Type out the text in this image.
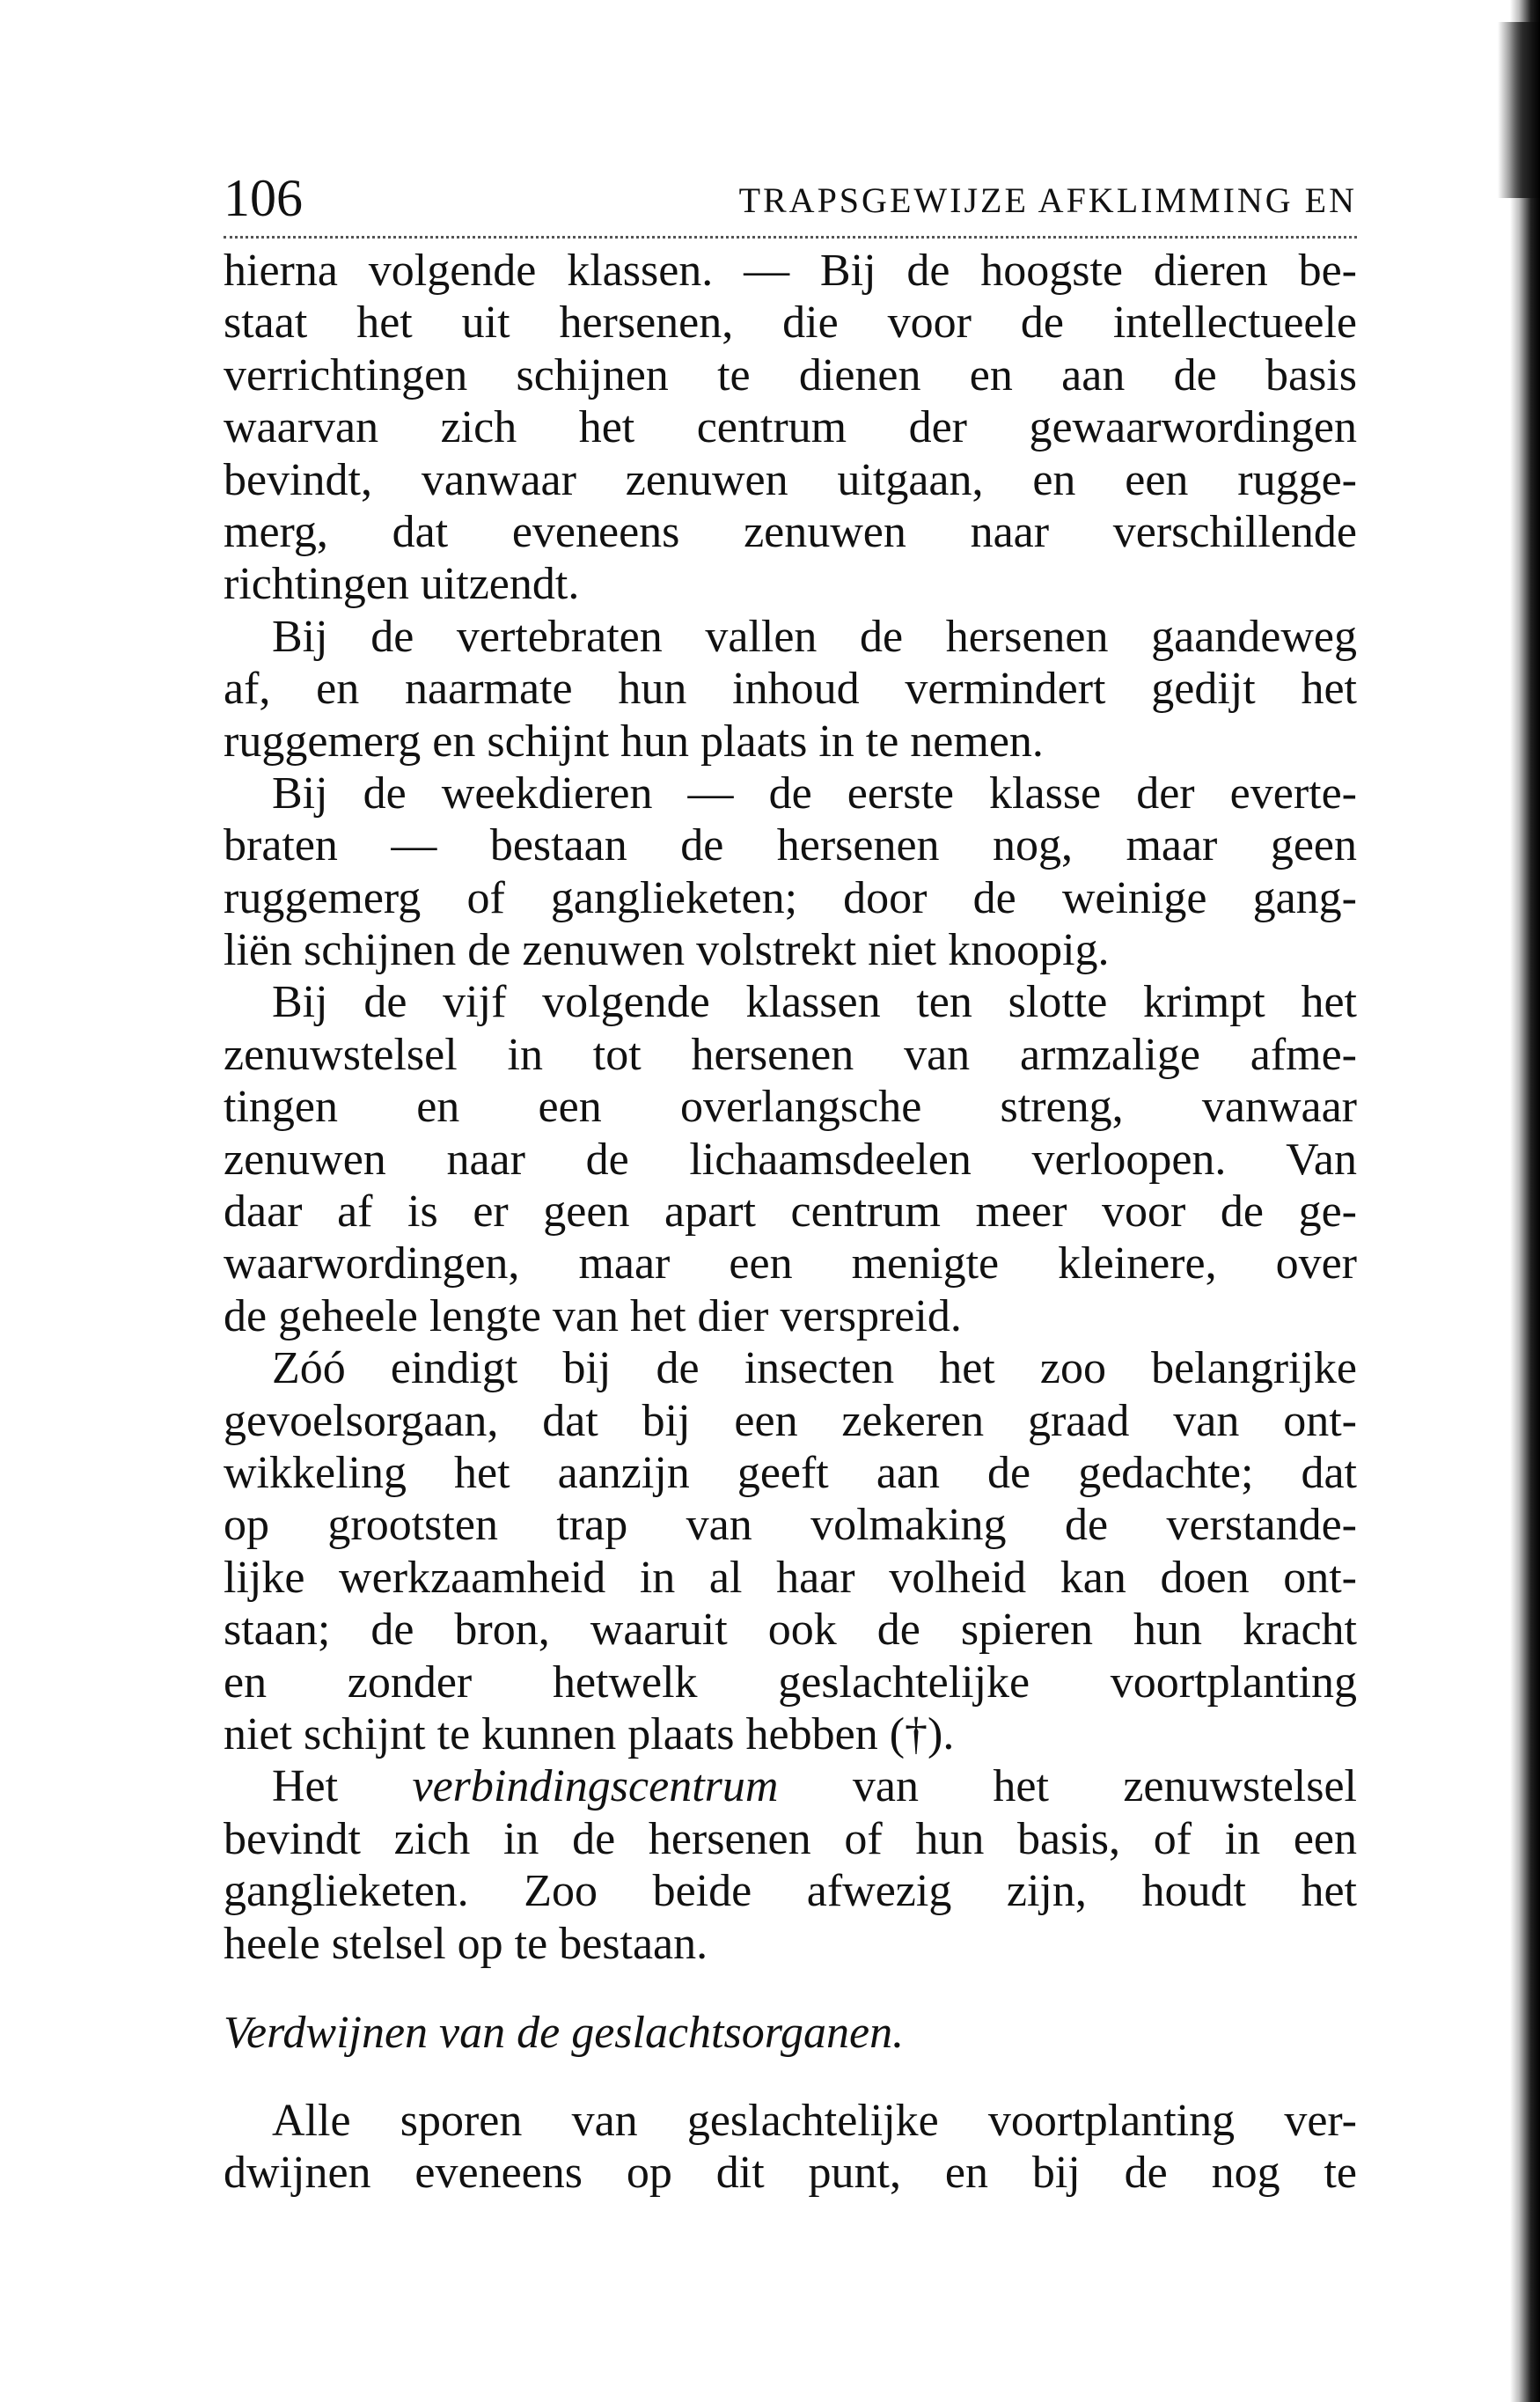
106	TRAPSGEWIJZE AFKLIMMING EN
hierna volgende klassen. — Bij de hoogste dieren be-
staat het uit hersenen, die voor de intellectueele
verrichtingen schijnen te dienen en aan de basis
waarvan zich het centrum der gewaarwordingen
bevindt, vanwaar zenuwen uitgaan, en een rugge-
merg, dat eveneens zenuwen naar verschillende
richtingen uitzendt.
Bij de vertebraten vallen de hersenen gaandeweg
af, en naarmate hun inhoud vermindert gedijt het
ruggemerg en schijnt hun plaats in te nemen.
Bij de weekdieren — de eerste klasse der everte-
braten — bestaan de hersenen nog, maar geen
ruggemerg of ganglieketen; door de weinige gang-
liën schijnen de zenuwen volstrekt niet knoopig.
Bij de vijf volgende klassen ten slotte krimpt het
zenuwstelsel in tot hersenen van armzalige afme-
tingen en een overlangsche streng, vanwaar
zenuwen naar de lichaamsdeelen verloopen. Van
daar af is er geen apart centrum meer voor de ge-
waarwordingen, maar een menigte kleinere, over
de geheele lengte van het dier verspreid.
Zóó eindigt bij de insecten het zoo belangrijke
gevoelsorgaan, dat bij een zekeren graad van ont-
wikkeling het aanzijn geeft aan de gedachte; dat
op grootsten trap van volmaking de verstande-
lijke werkzaamheid in al haar volheid kan doen ont-
staan; de bron, waaruit ook de spieren hun kracht
en zonder hetwelk geslachtelijke voortplanting
niet schijnt te kunnen plaats hebben (†).
Het verbindingscentrum van het zenuwstelsel
bevindt zich in de hersenen of hun basis, of in een
ganglieketen. Zoo beide afwezig zijn, houdt het
heele stelsel op te bestaan.
Verdwijnen van de geslachtsorganen.
Alle sporen van geslachtelijke voortplanting ver-
dwijnen eveneens op dit punt, en bij de nog te
